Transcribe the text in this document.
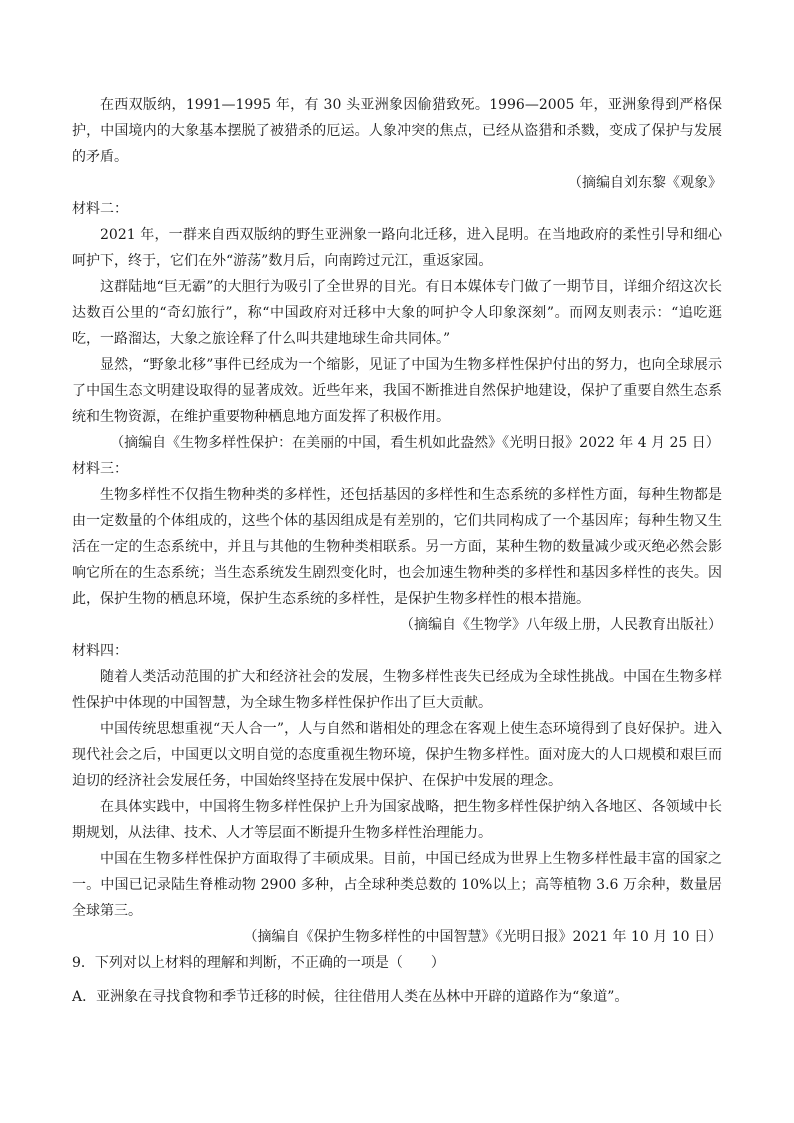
在西双版纳，1991—1995 年，有 30 头亚洲象因偷猎致死。1996—2005 年，亚洲象得到严格保护，中国境内的大象基本摆脱了被猎杀的厄运。人象冲突的焦点，已经从盗猎和杀戮，变成了保护与发展的矛盾。

（摘编自刘东黎《观象》

材料二：

2021 年，一群来自西双版纳的野生亚洲象一路向北迁移，进入昆明。在当地政府的柔性引导和细心呵护下，终于，它们在外“游荡”数月后，向南跨过元江，重返家园。

这群陆地“巨无霸”的大胆行为吸引了全世界的目光。有日本媒体专门做了一期节目，详细介绍这次长达数百公里的“奇幻旅行”，称“中国政府对迁移中大象的呵护令人印象深刻”。而网友则表示：“追吃逛吃，一路溜达，大象之旅诠释了什么叫共建地球生命共同体。”

显然，“野象北移”事件已经成为一个缩影，见证了中国为生物多样性保护付出的努力，也向全球展示了中国生态文明建设取得的显著成效。近些年来，我国不断推进自然保护地建设，保护了重要自然生态系统和生物资源，在维护重要物种栖息地方面发挥了积极作用。

（摘编自《生物多样性保护：在美丽的中国，看生机如此盎然》《光明日报》2022 年 4 月 25 日）

材料三：

生物多样性不仅指生物种类的多样性，还包括基因的多样性和生态系统的多样性方面，每种生物都是由一定数量的个体组成的，这些个体的基因组成是有差别的，它们共同构成了一个基因库；每种生物又生活在一定的生态系统中，并且与其他的生物种类相联系。另一方面，某种生物的数量减少或灭绝必然会影响它所在的生态系统；当生态系统发生剧烈变化时，也会加速生物种类的多样性和基因多样性的丧失。因此，保护生物的栖息环境，保护生态系统的多样性，是保护生物多样性的根本措施。

（摘编自《生物学》八年级上册，人民教育出版社）

材料四：

随着人类活动范围的扩大和经济社会的发展，生物多样性丧失已经成为全球性挑战。中国在生物多样性保护中体现的中国智慧，为全球生物多样性保护作出了巨大贡献。

中国传统思想重视“天人合一”，人与自然和谐相处的理念在客观上使生态环境得到了良好保护。进入现代社会之后，中国更以文明自觉的态度重视生物环境，保护生物多样性。面对庞大的人口规模和艰巨而迫切的经济社会发展任务，中国始终坚持在发展中保护、在保护中发展的理念。

在具体实践中，中国将生物多样性保护上升为国家战略，把生物多样性保护纳入各地区、各领域中长期规划，从法律、技术、人才等层面不断提升生物多样性治理能力。

中国在生物多样性保护方面取得了丰硕成果。目前，中国已经成为世界上生物多样性最丰富的国家之一。中国已记录陆生脊椎动物 2900 多种，占全球种类总数的 10%以上；高等植物 3.6 万余种，数量居全球第三。

（摘编自《保护生物多样性的中国智慧》《光明日报》2021 年 10 月 10 日）

9．下列对以上材料的理解和判断，不正确的一项是（　　）

A．亚洲象在寻找食物和季节迁移的时候，往往借用人类在丛林中开辟的道路作为“象道”。
